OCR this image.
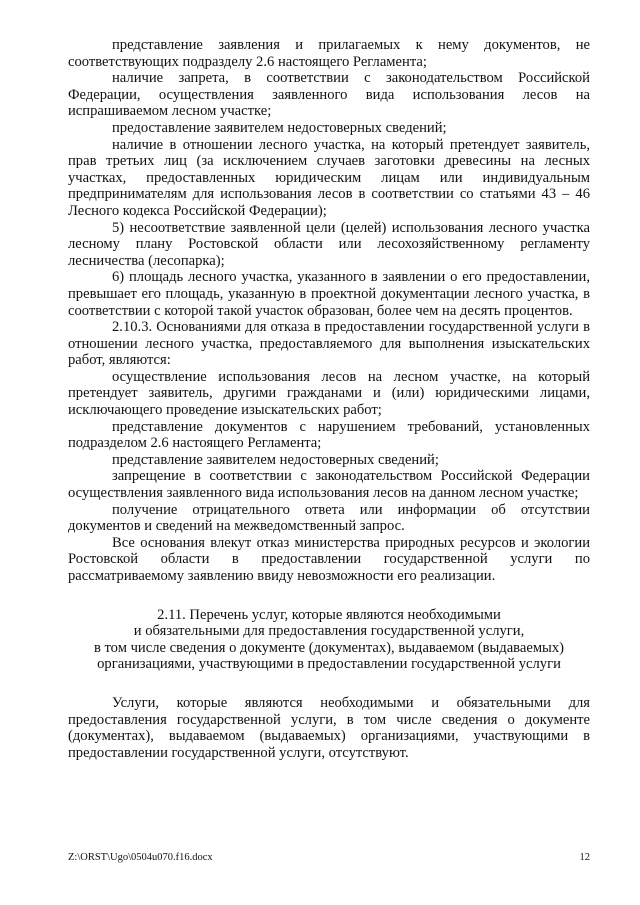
представление заявления и прилагаемых к нему документов, не соответствующих подразделу 2.6 настоящего Регламента;

наличие запрета, в соответствии с законодательством Российской Федерации, осуществления заявленного вида использования лесов на испрашиваемом лесном участке;

предоставление заявителем недостоверных сведений;

наличие в отношении лесного участка, на который претендует заявитель, прав третьих лиц (за исключением случаев заготовки древесины на лесных участках, предоставленных юридическим лицам или индивидуальным предпринимателям для использования лесов в соответствии со статьями 43 – 46 Лесного кодекса Российской Федерации);

5) несоответствие заявленной цели (целей) использования лесного участка лесному плану Ростовской области или лесохозяйственному регламенту лесничества (лесопарка);

6) площадь лесного участка, указанного в заявлении о его предоставлении, превышает его площадь, указанную в проектной документации лесного участка, в соответствии с которой такой участок образован, более чем на десять процентов.

2.10.3. Основаниями для отказа в предоставлении государственной услуги в отношении лесного участка, предоставляемого для выполнения изыскательских работ, являются:

осуществление использования лесов на лесном участке, на который претендует заявитель, другими гражданами и (или) юридическими лицами, исключающего проведение изыскательских работ;

представление документов с нарушением требований, установленных подразделом 2.6 настоящего Регламента;

представление заявителем недостоверных сведений;

запрещение в соответствии с законодательством Российской Федерации осуществления заявленного вида использования лесов на данном лесном участке;

получение отрицательного ответа или информации об отсутствии документов и сведений на межведомственный запрос.

Все основания влекут отказ министерства природных ресурсов и экологии Ростовской области в предоставлении государственной услуги по рассматриваемому заявлению ввиду невозможности его реализации.

2.11. Перечень услуг, которые являются необходимыми
и обязательными для предоставления государственной услуги,
в том числе сведения о документе (документах), выдаваемом (выдаваемых)
организациями, участвующими в предоставлении государственной услуги

Услуги, которые являются необходимыми и обязательными для предоставления государственной услуги, в том числе сведения о документе (документах), выдаваемом (выдаваемых) организациями, участвующими в предоставлении государственной услуги, отсутствуют.

Z:\ORST\Ugo\0504u070.f16.docx	12
